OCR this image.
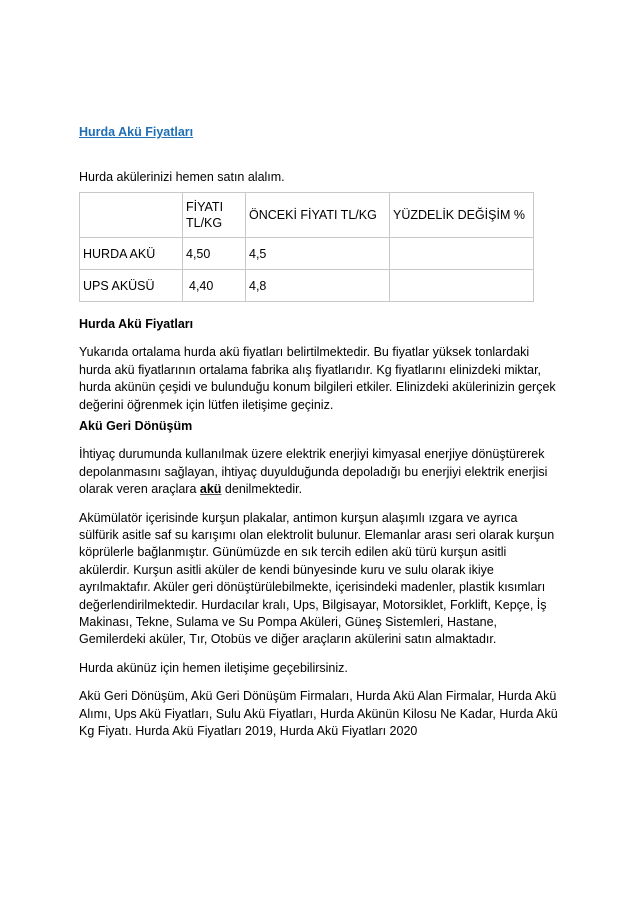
Hurda Akü Fiyatları
Hurda akülerinizi hemen satın alalım.
	FİYATI TL/KG	ÖNCEKİ FİYATI TL/KG	YÜZDELİK DEĞİŞİM %
HURDA AKÜ	4,50	4,5	
UPS AKÜSÜ	4,40	4,8	

Hurda Akü Fiyatları

Yukarıda ortalama hurda akü fiyatları belirtilmektedir. Bu fiyatlar yüksek tonlardaki hurda akü fiyatlarının ortalama fabrika alış fiyatlarıdır. Kg fiyatlarını elinizdeki miktar, hurda akünün çeşidi ve bulunduğu konum bilgileri etkiler. Elinizdeki akülerinizin gerçek değerini öğrenmek için lütfen iletişime geçiniz.

Akü Geri Dönüşüm

İhtiyaç durumunda kullanılmak üzere elektrik enerjiyi kimyasal enerjiye dönüştürerek depolanmasını sağlayan, ihtiyaç duyulduğunda depoladığı bu enerjiyi elektrik enerjisi olarak veren araçlara akü denilmektedir.

Akümülatör içerisinde kurşun plakalar, antimon kurşun alaşımlı ızgara ve ayrıca sülfürik asitle saf su karışımı olan elektrolit bulunur. Elemanlar arası seri olarak kurşun köprülerle bağlanmıştır. Günümüzde en sık tercih edilen akü türü kurşun asitli akülerdir. Kurşun asitli aküler de kendi bünyesinde kuru ve sulu olarak ikiye ayrılmaktafır. Aküler geri dönüştürülebilmekte, içerisindeki madenler, plastik kısımları değerlendirilmektedir. Hurdacılar kralı, Ups, Bilgisayar, Motorsiklet, Forklift, Kepçe, İş Makinası, Tekne, Sulama ve Su Pompa Aküleri, Güneş Sistemleri, Hastane, Gemilerdeki aküler, Tır, Otobüs ve diğer araçların akülerini satın almaktadır.

Hurda akünüz için hemen iletişime geçebilirsiniz.

Akü Geri Dönüşüm, Akü Geri Dönüşüm Firmaları, Hurda Akü Alan Firmalar, Hurda Akü Alımı, Ups Akü Fiyatları, Sulu Akü Fiyatları, Hurda Akünün Kilosu Ne Kadar, Hurda Akü Kg Fiyatı. Hurda Akü Fiyatları 2019, Hurda Akü Fiyatları 2020
